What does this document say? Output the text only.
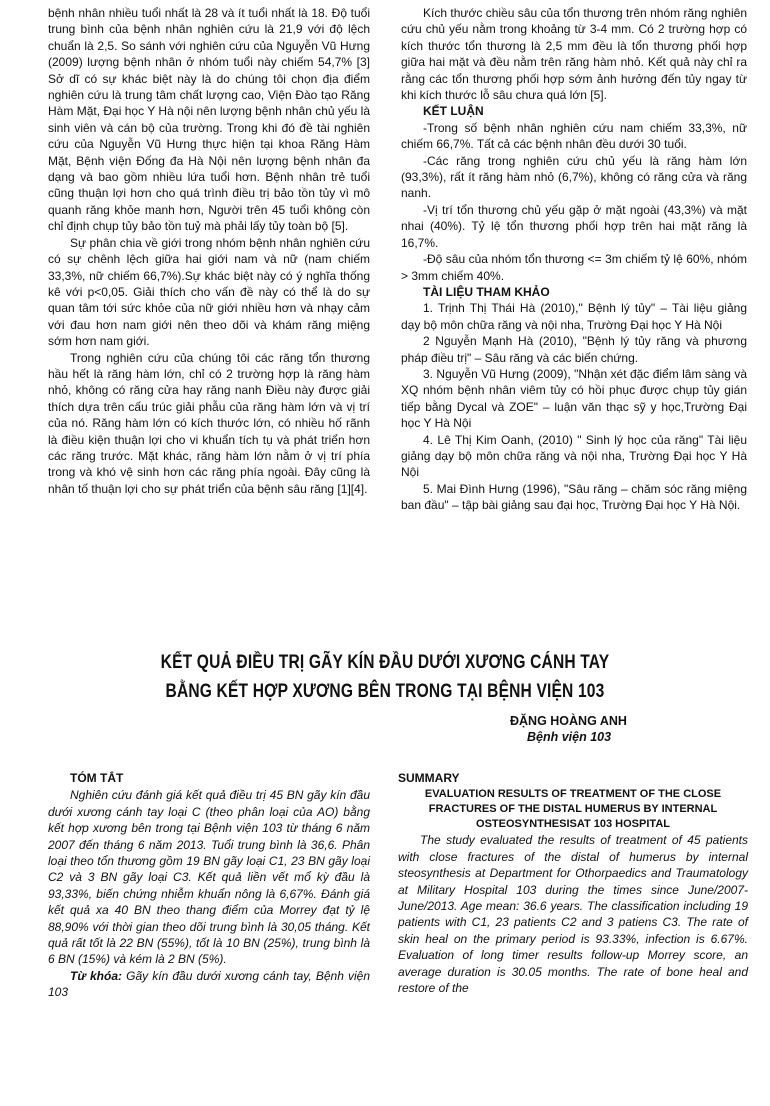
bệnh nhân nhiều tuổi nhất là 28 và ít tuổi nhất là 18. Độ tuổi trung bình của bệnh nhân nghiên cứu là 21,9 với độ lệch chuẩn là 2,5. So sánh với nghiên cứu của Nguyễn Vũ Hưng (2009) lượng bệnh nhân ở nhóm tuổi này chiếm 54,7% [3] Sở dĩ có sự khác biệt này là do chúng tôi chọn địa điểm nghiên cứu là trung tâm chất lượng cao, Viện Đào tạo Răng Hàm Mặt, Đại học Y Hà nội nên lượng bệnh nhân chủ yếu là sinh viên và cán bộ của trường. Trong khi đó đề tài nghiên cứu của Nguyễn Vũ Hưng thực hiện tại khoa Răng Hàm Mặt, Bệnh viện Đống đa Hà Nội nên lượng bệnh nhân đa dạng và bao gồm nhiều lứa tuổi hơn. Bệnh nhân trẻ tuổi cũng thuận lợi hơn cho quá trình điều trị bảo tồn tủy vì mô quanh răng khỏe manh hơn, Người trên 45 tuổi không còn chỉ định chụp tủy bảo tồn tuỷ mà phải lấy tủy toàn bộ [5].

Sự phân chia về giới trong nhóm bệnh nhân nghiên cứu có sự chênh lệch giữa hai giới nam và nữ (nam chiếm 33,3%, nữ chiếm 66,7%).Sự khác biệt này có ý nghĩa thống kê với p<0,05. Giải thích cho vấn đề này có thể là do sự quan tâm tới sức khỏe của nữ giới nhiều hơn và nhạy cảm với đau hơn nam giới nên theo dõi và khám răng miệng sớm hơn nam giới.

Trong nghiên cứu của chúng tôi các răng tổn thương hầu hết là răng hàm lớn, chỉ có 2 trường hợp là răng hàm nhỏ, không có răng cửa hay răng nanh Điều này được giải thích dựa trên cấu trúc giải phẫu của răng hàm lớn và vị trí của nó. Răng hàm lớn có kích thước lớn, có nhiều hố rãnh là điều kiện thuận lợi cho vi khuẩn tích tụ và phát triển hơn các răng trước. Mặt khác, răng hàm lớn nằm ở vị trí phía trong và khó vệ sinh hơn các răng phía ngoài. Đây cũng là nhân tố thuận lợi cho sự phát triển của bệnh sâu răng [1][4].

Kích thước chiều sâu của tổn thương trên nhóm răng nghiên cứu chủ yếu nằm trong khoảng từ 3-4 mm. Có 2 trường hợp có kích thước tổn thương là 2,5 mm đều là tổn thương phối hợp giữa hai mặt và đều nằm trên răng hàm nhỏ. Kết quả này chỉ ra rằng các tổn thương phối hợp sớm ảnh hưởng đến tủy ngay từ khi kích thước lỗ sâu chưa quá lớn [5].

KẾT LUẬN

-Trong số bệnh nhân nghiên cứu nam chiếm 33,3%, nữ chiếm 66,7%. Tất cả các bệnh nhân đều dưới 30 tuổi.

-Các răng trong nghiên cứu chủ yếu là răng hàm lớn (93,3%), rất ít răng hàm nhỏ (6,7%), không có răng cửa và răng nanh.

-Vị trí tổn thương chủ yếu gặp ở mặt ngoài (43,3%) và mặt nhai (40%). Tỷ lệ tổn thương phối hợp trên hai mặt răng là 16,7%.

-Độ sâu của nhóm tổn thương <= 3m chiếm tỷ lệ 60%, nhóm > 3mm chiếm 40%.

TÀI LIỆU THAM KHẢO

1. Trịnh Thị Thái Hà (2010)," Bệnh lý tủy" – Tài liệu giảng dạy bộ môn chữa răng và nội nha, Trường Đại học Y Hà Nội

2 Nguyễn Mạnh Hà (2010), "Bệnh lý tủy răng và phương pháp điều trị" – Sâu răng và các biến chứng.

3. Nguyễn Vũ Hưng (2009), "Nhận xét đặc điểm lâm sàng và XQ nhóm bệnh nhân viêm tủy có hồi phục được chụp tủy gián tiếp bằng Dycal và ZOE" – luận văn thạc sỹ y học,Trường Đại học Y Hà Nội

4. Lê Thị Kim Oanh, (2010) " Sinh lý học của răng" Tài liệu giảng dạy bộ môn chữa răng và nội nha, Trường Đại học Y Hà Nội

5. Mai Đình Hưng (1996), "Sâu răng – chăm sóc răng miệng ban đầu" – tập bài giảng sau đại học, Trường Đại học Y Hà Nội.

KẾT QUẢ ĐIỀU TRỊ GÃY KÍN ĐẦU DƯỚI XƯƠNG CÁNH TAY
BẰNG KẾT HỢP XƯƠNG BÊN TRONG TẠI BỆNH VIỆN 103
ĐẶNG HOÀNG ANH
Bệnh viện 103

TÓM TẮT

Nghiên cứu đánh giá kết quả điều trị 45 BN gãy kín đầu dưới xương cánh tay loại C (theo phân loại của AO) bằng kết hợp xương bên trong tại Bệnh viện 103 từ tháng 6 năm 2007 đến tháng 6 năm 2013. Tuổi trung bình là 36,6. Phân loại theo tổn thương gồm 19 BN gãy loại C1, 23 BN gãy loại C2 và 3 BN gãy loại C3. Kết quả liền vết mổ kỳ đầu là 93,33%, biến chứng nhiễm khuẩn nông là 6,67%. Đánh giá kết quả xa 40 BN theo thang điểm của Morrey đạt tỷ lệ 88,90% với thời gian theo dõi trung bình là 30,05 tháng. Kết quả rất tốt là 22 BN (55%), tốt là 10 BN (25%), trung bình là 6 BN (15%) và kém là 2 BN (5%).

Từ khóa: Gãy kín đầu dưới xương cánh tay, Bệnh viện 103

SUMMARY

EVALUATION RESULTS OF TREATMENT OF THE CLOSE FRACTURES OF THE DISTAL HUMERUS BY INTERNAL OSTEOSYNTHESISAT 103 HOSPITAL

The study evaluated the results of treatment of 45 patients with close fractures of the distal of humerus by internal steosynthesis at Department for Othorpaedics and Traumatology at Military Hospital 103 during the times since June/2007- June/2013. Age mean: 36.6 years. The classification including 19 patients with C1, 23 patients C2 and 3 patiens C3. The rate of skin heal on the primary period is 93.33%, infection is 6.67%. Evaluation of long timer results follow-up Morrey score, an average duration is 30.05 months. The rate of bone heal and restore of the
